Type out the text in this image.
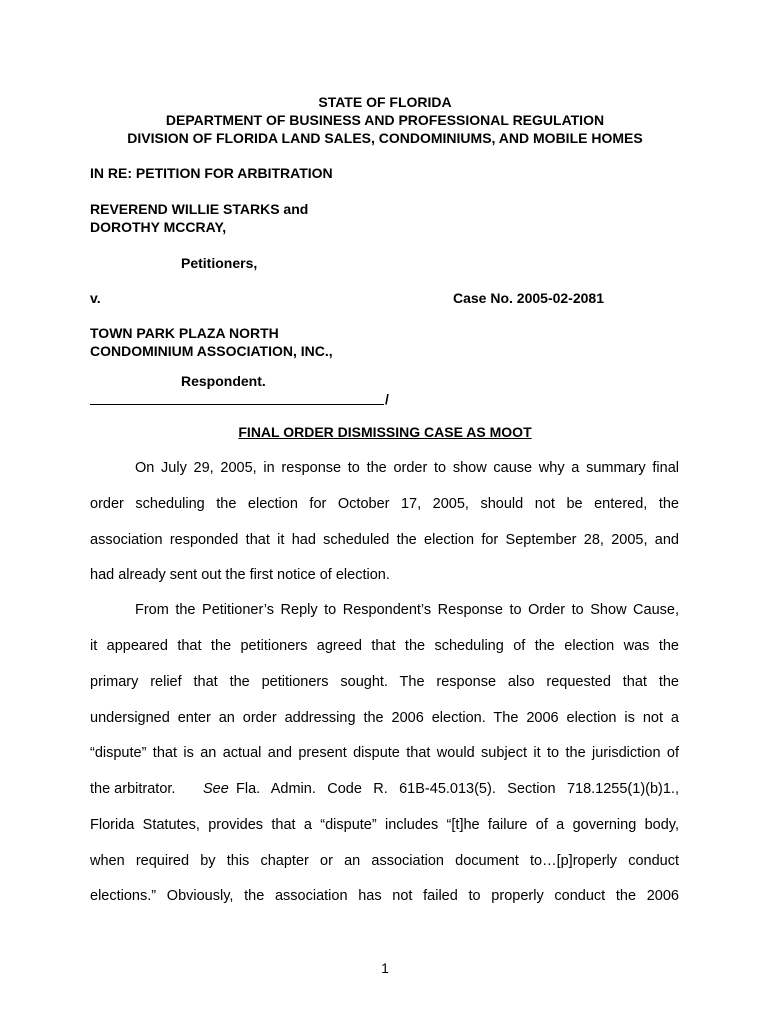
STATE OF FLORIDA
DEPARTMENT OF BUSINESS AND PROFESSIONAL REGULATION
DIVISION OF FLORIDA LAND SALES, CONDOMINIUMS, AND MOBILE HOMES
IN RE: PETITION FOR ARBITRATION
REVEREND WILLIE STARKS and
DOROTHY MCCRAY,
Petitioners,
v.	Case No. 2005-02-2081
TOWN PARK PLAZA NORTH
CONDOMINIUM ASSOCIATION, INC.,
Respondent.
/
FINAL ORDER DISMISSING CASE AS MOOT
On July 29, 2005, in response to the order to show cause why a summary final
order scheduling the election for October 17, 2005, should not be entered, the
association responded that it had scheduled the election for September 28, 2005, and
had already sent out the first notice of election.
From the Petitioner’s Reply to Respondent’s Response to Order to Show Cause,
it appeared that the petitioners agreed that the scheduling of the election was the
primary relief that the petitioners sought. The response also requested that the
undersigned enter an order addressing the 2006 election. The 2006 election is not a
“dispute” that is an actual and present dispute that would subject it to the jurisdiction of
the arbitrator. See Fla. Admin. Code R. 61B-45.013(5). Section 718.1255(1)(b)1.,
Florida Statutes, provides that a “dispute” includes “[t]he failure of a governing body,
when required by this chapter or an association document to…[p]roperly conduct
elections.” Obviously, the association has not failed to properly conduct the 2006
1
